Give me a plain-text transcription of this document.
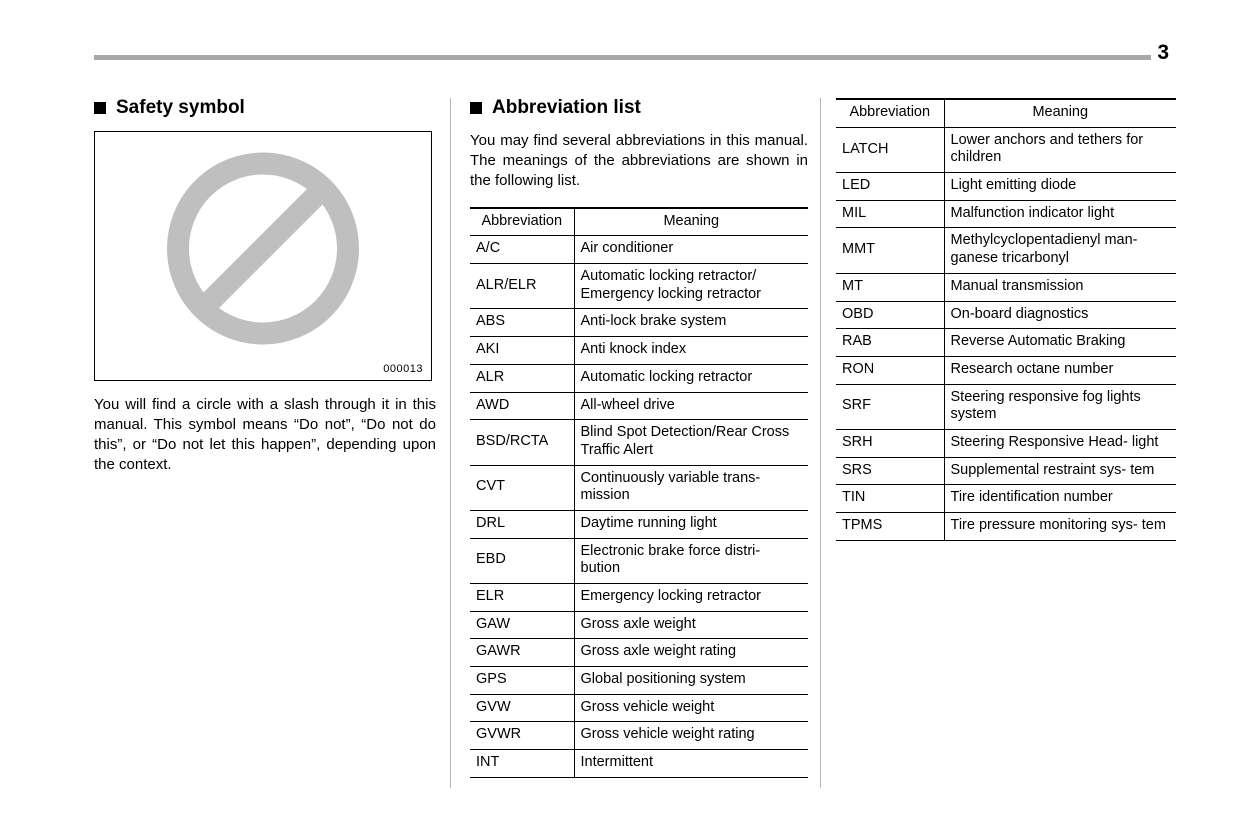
3
Safety symbol
000013

You will find a circle with a slash through it in this manual. This symbol means “Do not”, “Do not do this”, or “Do not let this happen”, depending upon the context.

Abbreviation list

You may find several abbreviations in this manual. The meanings of the abbreviations are shown in the following list.

Abbreviation	Meaning
A/C	Air conditioner
ALR/ELR	Automatic locking retractor/ Emergency locking retractor
ABS	Anti-lock brake system
AKI	Anti knock index
ALR	Automatic locking retractor
AWD	All-wheel drive
BSD/RCTA	Blind Spot Detection/Rear Cross Traffic Alert
CVT	Continuously variable trans- mission
DRL	Daytime running light
EBD	Electronic brake force distri- bution
ELR	Emergency locking retractor
GAW	Gross axle weight
GAWR	Gross axle weight rating
GPS	Global positioning system
GVW	Gross vehicle weight
GVWR	Gross vehicle weight rating
INT	Intermittent
Abbreviation	Meaning
LATCH	Lower anchors and tethers for children
LED	Light emitting diode
MIL	Malfunction indicator light
MMT	Methylcyclopentadienyl man- ganese tricarbonyl
MT	Manual transmission
OBD	On-board diagnostics
RAB	Reverse Automatic Braking
RON	Research octane number
SRF	Steering responsive fog lights system
SRH	Steering Responsive Head- light
SRS	Supplemental restraint sys- tem
TIN	Tire identification number
TPMS	Tire pressure monitoring sys- tem
